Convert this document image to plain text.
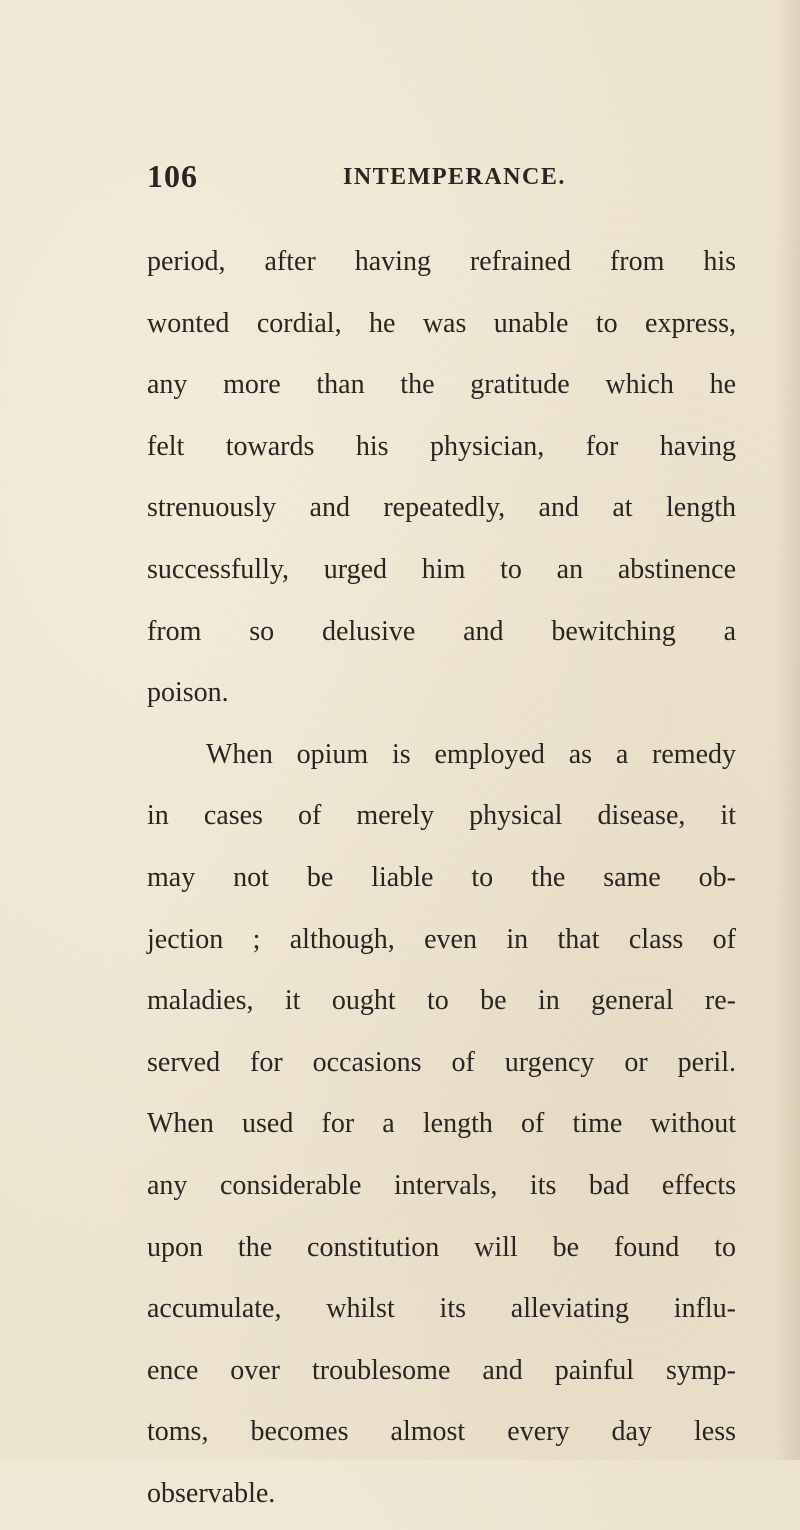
106	INTEMPERANCE.
period, after having refrained from his
wonted cordial, he was unable to express,
any more than the gratitude which he
felt towards his physician, for having
strenuously and repeatedly, and at length
successfully, urged him to an abstinence
from so delusive and bewitching a
poison.
When opium is employed as a remedy
in cases of merely physical disease, it
may not be liable to the same ob-
jection ; although, even in that class of
maladies, it ought to be in general re-
served for occasions of urgency or peril.
When used for a length of time without
any considerable intervals, its bad effects
upon the constitution will be found to
accumulate, whilst its alleviating influ-
ence over troublesome and painful symp-
toms, becomes almost every day less
observable.
